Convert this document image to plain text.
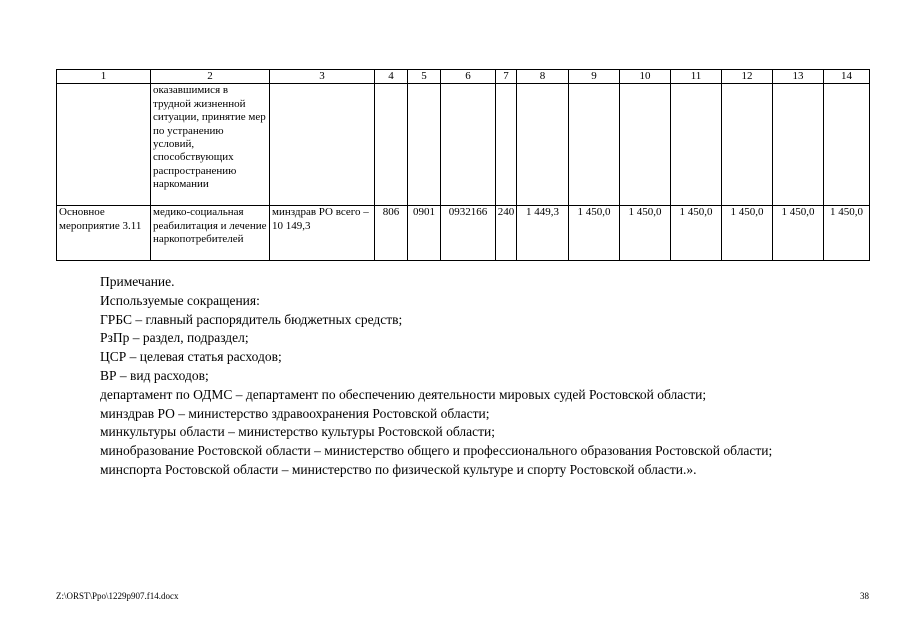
1	2	3	4	5	6	7	8	9	10	11	12	13	14
	оказавшимися в трудной жизненной ситуации, принятие мер по устранению условий, способствующих распространению наркомании												
Основное мероприятие 3.11	медико-социальная реабилитация и лечение наркопотребителей	минздрав РО всего – 10 149,3	806	0901	0932166	240	1 449,3	1 450,0	1 450,0	1 450,0	1 450,0	1 450,0	1 450,0
Примечание.
Используемые сокращения:
ГРБС – главный распорядитель бюджетных средств;
РзПр – раздел, подраздел;
ЦСР – целевая статья расходов;
ВР – вид расходов;
департамент по ОДМС – департамент по обеспечению деятельности мировых судей Ростовской области;
минздрав РО – министерство здравоохранения Ростовской области;
минкультуры области – министерство культуры Ростовской области;
минобразование Ростовской области – министерство общего и профессионального образования Ростовской области;
минспорта Ростовской области – министерство по физической культуре и спорту Ростовской области.».
Z:\ORST\Ppo\1229p907.f14.docx	38
